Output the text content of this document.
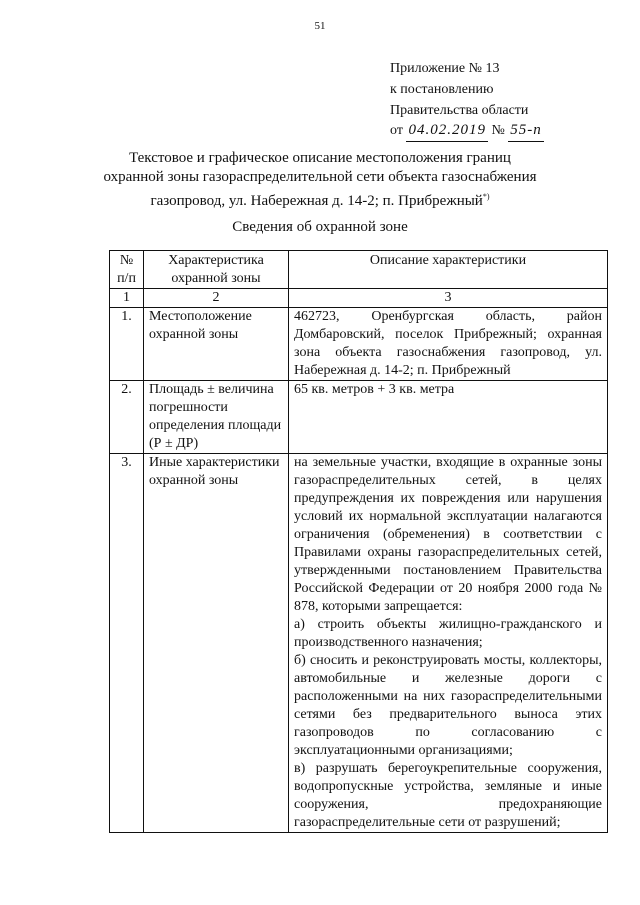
51
Приложение № 13
к постановлению
Правительства области
от 04.02.2019 № 55-п
Текстовое и графическое описание местоположения границ
охранной зоны газораспределительной сети объекта газоснабжения
газопровод, ул. Набережная д. 14-2; п. Прибрежный*)
Сведения об охранной зоне
№ п/п	Характеристика охранной зоны	Описание характеристики
1	2	3
1.	Местоположение охранной зоны	462723, Оренбургская область, район Домбаровский, поселок Прибрежный; охранная зона объекта газоснабжения газопровод, ул. Набережная д. 14-2; п. Прибрежный
2.	Площадь ± величина погрешности определения площади (Р ± ДР)	65 кв. метров + 3 кв. метра
3.	Иные характеристики охранной зоны	на земельные участки, входящие в охранные зоны газораспределительных сетей, в целях предупреждения их повреждения или нарушения условий их нормальной эксплуатации налагаются ограничения (обременения) в соответствии с Правилами охраны газораспределительных сетей, утвержденными постановлением Правительства Российской Федерации от 20 ноября 2000 года № 878, которыми запрещается:
а) строить объекты жилищно-гражданского и производственного назначения;
б) сносить и реконструировать мосты, коллекторы, автомобильные и железные дороги с расположенными на них газораспределительными сетями без предварительного выноса этих газопроводов по согласованию с эксплуатационными организациями;
в) разрушать берегоукрепительные сооружения, водопропускные устройства, земляные и иные сооружения, предохраняющие газораспределительные сети от разрушений;
